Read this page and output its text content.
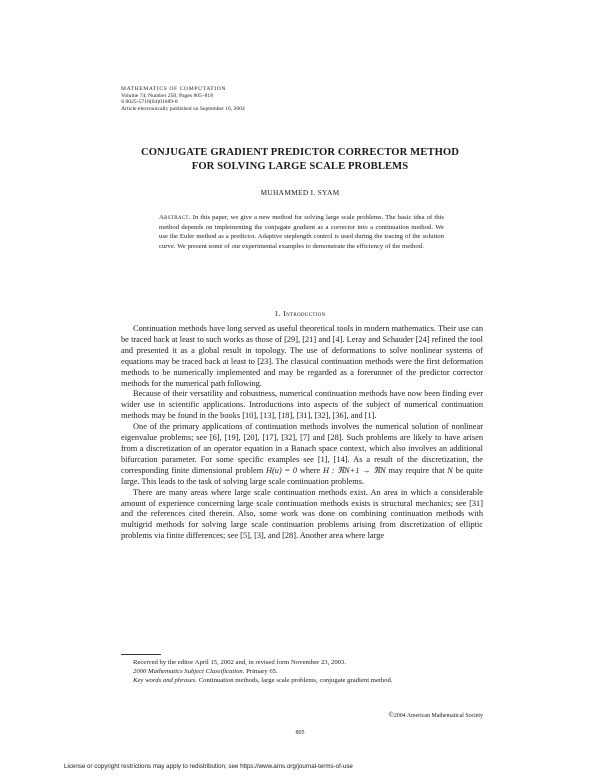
MATHEMATICS OF COMPUTATION
Volume 74, Number 250, Pages 805–818
S 0025-5718(04)01689-8
Article electronically published on September 16, 2004
CONJUGATE GRADIENT PREDICTOR CORRECTOR METHOD
FOR SOLVING LARGE SCALE PROBLEMS
MUHAMMED I. SYAM
Abstract. In this paper, we give a new method for solving large scale problems. The basic idea of this method depends on implementing the conjugate gradient as a corrector into a continuation method. We use the Euler method as a predictor. Adaptive steplength control is used during the tracing of the solution curve. We present some of our experimental examples to demonstrate the efficiency of the method.
1. Introduction

Continuation methods have long served as useful theoretical tools in modern mathematics. Their use can be traced back at least to such works as those of [29], [21] and [4]. Leray and Schauder [24] refined the tool and presented it as a global result in topology. The use of deformations to solve nonlinear systems of equations may be traced back at least to [23]. The classical continuation methods were the first deformation methods to be numerically implemented and may be regarded as a forerunner of the predictor corrector methods for the numerical path following.

Because of their versatility and robustness, numerical continuation methods have now been finding ever wider use in scientific applications. Introductions into aspects of the subject of numerical continuation methods may be found in the books [10], [13], [18], [31], [32], [36], and [1].

One of the primary applications of continuation methods involves the numerical solution of nonlinear eigenvalue problems; see [6], [19], [20], [17], [32], [7] and [28]. Such problems are likely to have arisen from a discretization of an operator equation in a Banach space context, which also involves an additional bifurcation parameter. For some specific examples see [1], [14]. As a result of the discretization, the corresponding finite dimensional problem H(u) = 0 where H : ℜN+1 → ℜN may require that N be quite large. This leads to the task of solving large scale continuation problems.

There are many areas where large scale continuation methods exist. An area in which a considerable amount of experience concerning large scale continuation methods exists is structural mechanics; see [31] and the references cited therein. Also, some work was done on combining continuation methods with multigrid methods for solving large scale continuation problems arising from discretization of elliptic problems via finite differences; see [5], [3], and [28]. Another area where large

Received by the editor April 15, 2002 and, in revised form November 23, 2003.

2000 Mathematics Subject Classification. Primary 65.

Key words and phrases. Continuation methods, large scale problems, conjugate gradient method.

©2004 American Mathematical Society
805
License or copyright restrictions may apply to redistribution; see https://www.ams.org/journal-terms-of-use
